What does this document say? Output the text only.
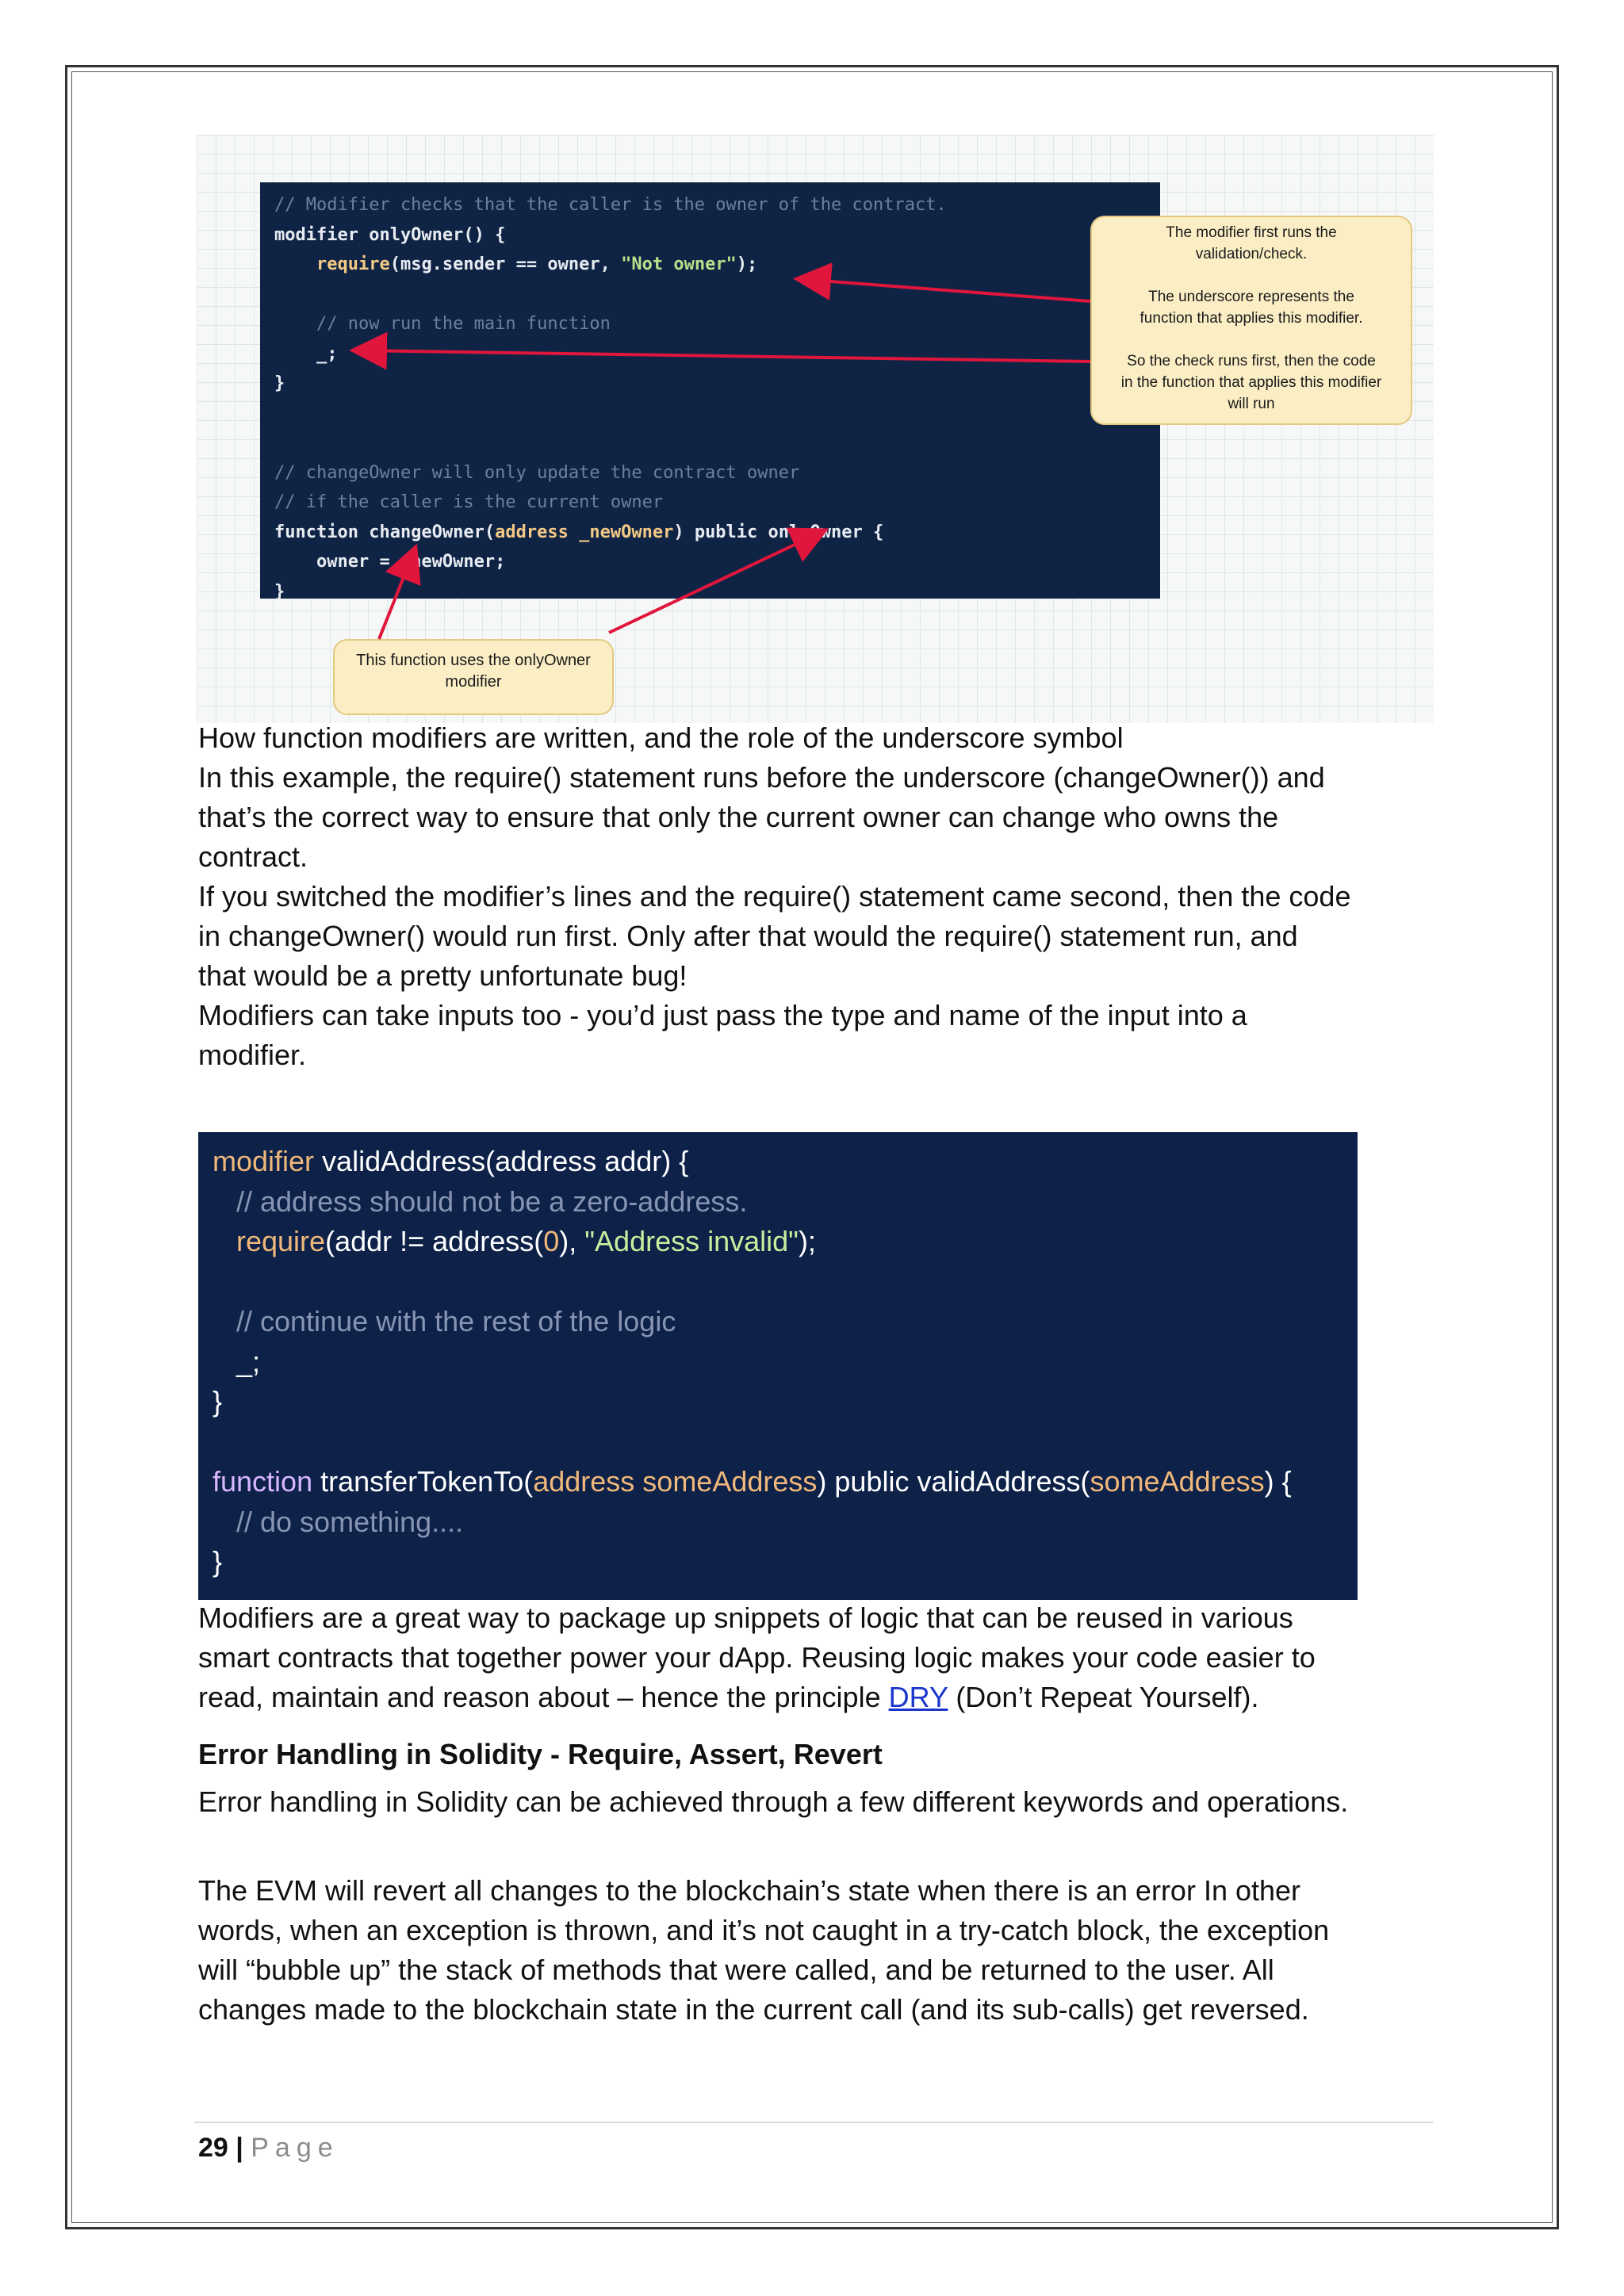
// Modifier checks that the caller is the owner of the contract.
modifier onlyOwner() {
require(msg.sender == owner, "Not owner");
// now run the main function
_;
}
// changeOwner will only update the contract owner
// if the caller is the current owner
function changeOwner(address _newOwner) public onlyOwner {
owner = _newOwner;
}

The modifier first runs the

validation/check.

The underscore represents the

function that applies this modifier.

So the check runs first, then the code

in the function that applies this modifier

will run

This function uses the onlyOwner

modifier

How function modifiers are written, and the role of the underscore symbol

In this example, the require() statement runs before the underscore (changeOwner()) and

that’s the correct way to ensure that only the current owner can change who owns the

contract.

If you switched the modifier’s lines and the require() statement came second, then the code

in changeOwner() would run first. Only after that would the require() statement run, and

that would be a pretty unfortunate bug!

Modifiers can take inputs too - you’d just pass the type and name of the input into a

modifier.

modifier validAddress(address addr) {
// address should not be a zero-address.
require(addr != address(0), "Address invalid");
// continue with the rest of the logic
_;
}
function transferTokenTo(address someAddress) public validAddress(someAddress) {
// do something....
}

Modifiers are a great way to package up snippets of logic that can be reused in various

smart contracts that together power your dApp. Reusing logic makes your code easier to

read, maintain and reason about – hence the principle DRY (Don’t Repeat Yourself).

Error Handling in Solidity - Require, Assert, Revert

Error handling in Solidity can be achieved through a few different keywords and operations.

The EVM will revert all changes to the blockchain’s state when there is an error In other

words, when an exception is thrown, and it’s not caught in a try-catch block, the exception

will “bubble up” the stack of methods that were called, and be returned to the user. All

changes made to the blockchain state in the current call (and its sub-calls) get reversed.

29 | Page
